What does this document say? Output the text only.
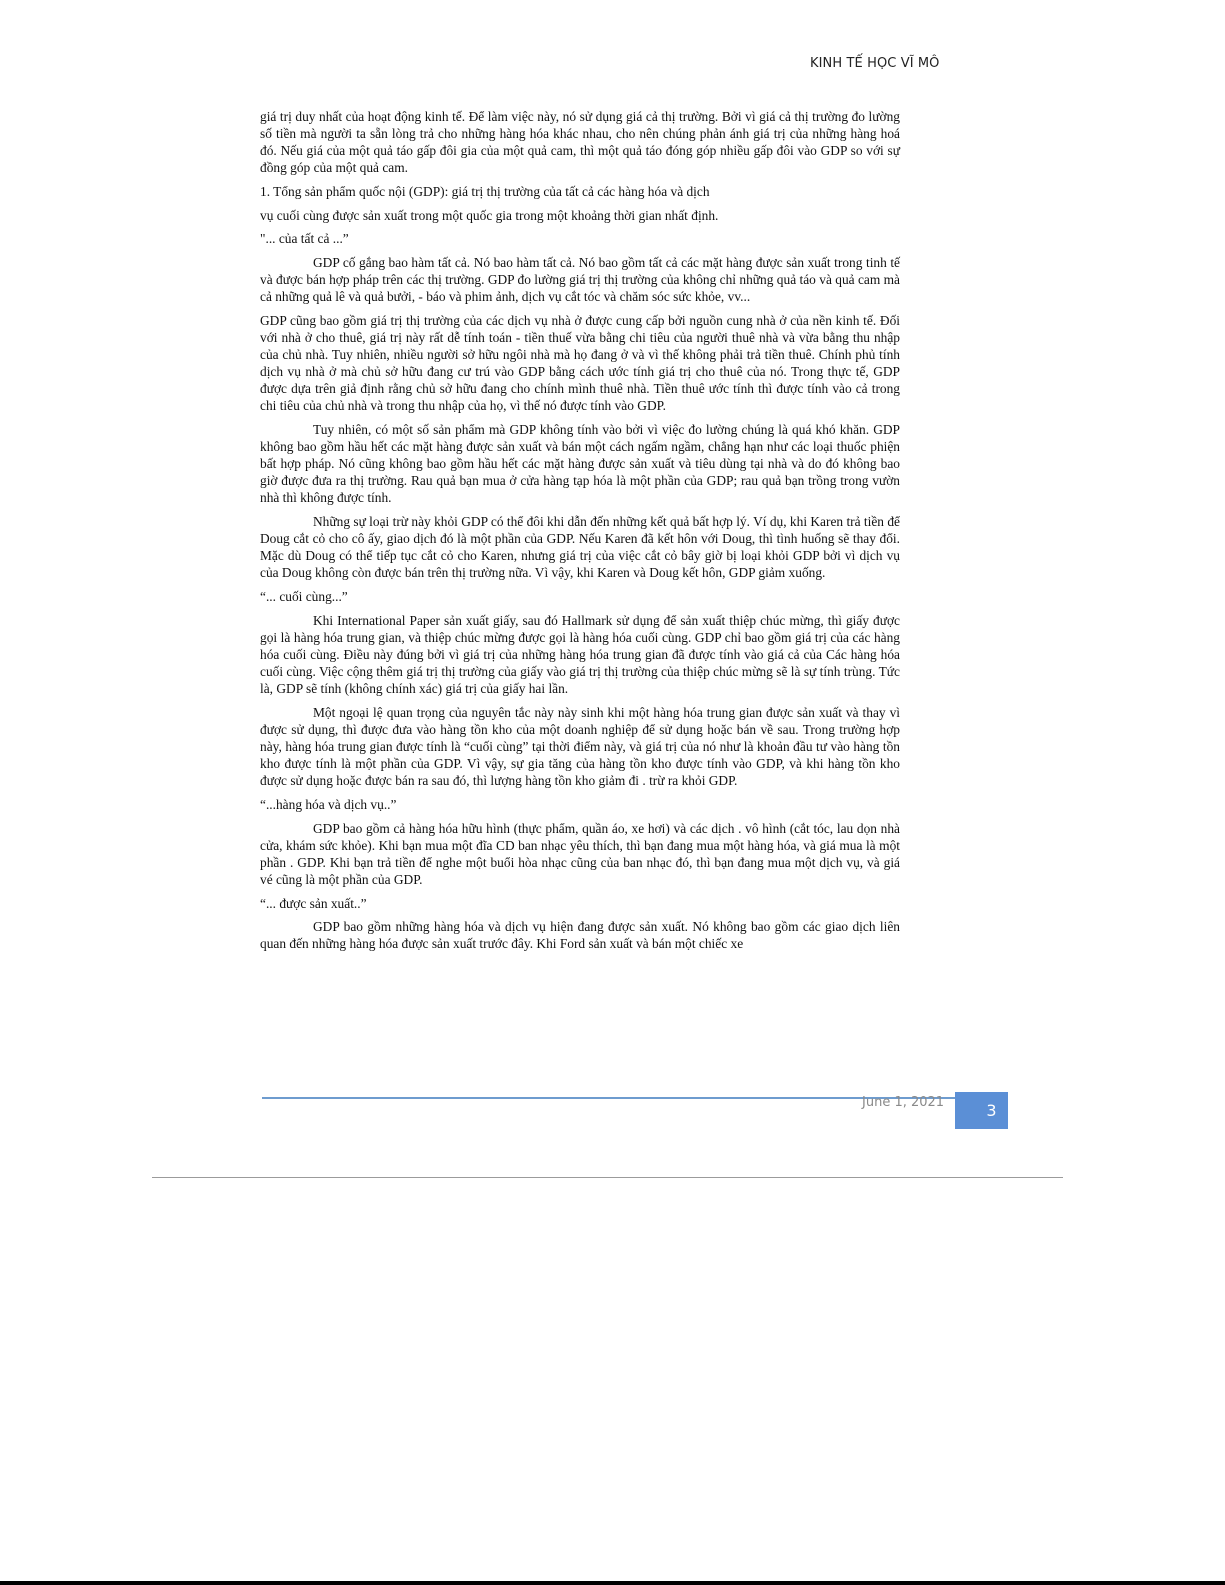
KINH TẾ HỌC VĨ MÔ

giá trị duy nhất của hoạt động kinh tế. Để làm việc này, nó sử dụng giá cả thị trường. Bởi vì giá cả thị trường đo lường số tiền mà người ta sẵn lòng trả cho những hàng hóa khác nhau, cho nên chúng phản ánh giá trị của những hàng hoá đó. Nếu giá của một quả táo gấp đôi gia của một quả cam, thì một quả táo đóng góp nhiều gấp đôi vào GDP so với sự đồng góp của một quả cam.

1. Tổng sản phẩm quốc nội (GDP): giá trị thị trường của tất cả các hàng hóa và dịch

vụ cuối cùng được sản xuất trong một quốc gia trong một khoảng thời gian nhất định.

"... của tất cả ...”

GDP cố gắng bao hàm tất cả. Nó bao hàm tất cả. Nó bao gồm tất cả các mặt hàng được sản xuất trong tinh tế và được bán hợp pháp trên các thị trường. GDP đo lường giá trị thị trường của không chỉ những quả táo và quả cam mà cả những quả lê và quả bưởi, - báo và phim ảnh, dịch vụ cắt tóc và chăm sóc sức khỏe, vv...

GDP cũng bao gồm giá trị thị trường của các dịch vụ nhà ở được cung cấp bởi nguồn cung nhà ở của nền kinh tế. Đối với nhà ở cho thuê, giá trị này rất dễ tính toán - tiền thuế vừa bằng chi tiêu của người thuê nhà và vừa bằng thu nhập của chủ nhà. Tuy nhiên, nhiều người sở hữu ngôi nhà mà họ đang ở và vì thế không phải trả tiền thuê. Chính phủ tính dịch vụ nhà ở mà chủ sở hữu đang cư trú vào GDP bằng cách ước tính giá trị cho thuê của nó. Trong thực tế, GDP được dựa trên giả định rằng chủ sở hữu đang cho chính mình thuê nhà. Tiền thuê ước tính thì được tính vào cả trong chi tiêu của chủ nhà và trong thu nhập của họ, vì thế nó được tính vào GDP.

Tuy nhiên, có một số sản phẩm mà GDP không tính vào bởi vì việc đo lường chúng là quá khó khăn. GDP không bao gồm hầu hết các mặt hàng được sản xuất và bán một cách ngấm ngầm, chẳng hạn như các loại thuốc phiện bất hợp pháp. Nó cũng không bao gồm hầu hết các mặt hàng được sản xuất và tiêu dùng tại nhà và do đó không bao giờ được đưa ra thị trường. Rau quả bạn mua ở cửa hàng tạp hóa là một phần của GDP; rau quả bạn trồng trong vườn nhà thì không được tính.

Những sự loại trừ này khỏi GDP có thể đôi khi dẫn đến những kết quả bất hợp lý. Ví dụ, khi Karen trả tiền để Doug cắt cỏ cho cô ấy, giao dịch đó là một phần của GDP. Nếu Karen đã kết hôn với Doug, thì tình huống sẽ thay đổi. Mặc dù Doug có thể tiếp tục cắt cỏ cho Karen, nhưng giá trị của việc cắt cỏ bây giờ bị loại khỏi GDP bởi vì dịch vụ của Doug không còn được bán trên thị trường nữa. Vì vậy, khi Karen và Doug kết hôn, GDP giảm xuống.

“... cuối cùng...”

Khi International Paper sản xuất giấy, sau đó Hallmark sử dụng để sản xuất thiệp chúc mừng, thì giấy được gọi là hàng hóa trung gian, và thiệp chúc mừng được gọi là hàng hóa cuối cùng. GDP chỉ bao gồm giá trị của các hàng hóa cuối cùng. Điều này đúng bởi vì giá trị của những hàng hóa trung gian đã được tính vào giá cả của Các hàng hóa cuối cùng. Việc cộng thêm giá trị thị trường của giấy vào giá trị thị trường của thiệp chúc mừng sẽ là sự tính trùng. Tức là, GDP sẽ tính (không chính xác) giá trị của giấy hai lần.

Một ngoại lệ quan trọng của nguyên tắc này này sinh khi một hàng hóa trung gian được sản xuất và thay vì được sử dụng, thì được đưa vào hàng tồn kho của một doanh nghiệp để sử dụng hoặc bán về sau. Trong trường hợp này, hàng hóa trung gian được tính là “cuối cùng” tại thời điểm này, và giá trị của nó như là khoản đầu tư vào hàng tồn kho được tính là một phần của GDP. Vì vậy, sự gia tăng của hàng tồn kho được tính vào GDP, và khi hàng tồn kho được sử dụng hoặc được bán ra sau đó, thì lượng hàng tồn kho giảm đi . trừ ra khỏi GDP.

“...hàng hóa và dịch vụ..”

GDP bao gồm cả hàng hóa hữu hình (thực phẩm, quần áo, xe hơi) và các dịch . vô hình (cắt tóc, lau dọn nhà cửa, khám sức khỏe). Khi bạn mua một đĩa CD ban nhạc yêu thích, thì bạn đang mua một hàng hóa, và giá mua là một phần . GDP. Khi bạn trả tiền để nghe một buổi hòa nhạc cũng của ban nhạc đó, thì bạn đang mua một dịch vụ, và giá vé cũng là một phần của GDP.

“... được sản xuất..”

GDP bao gồm những hàng hóa và dịch vụ hiện đang được sản xuất. Nó không bao gồm các giao dịch liên quan đến những hàng hóa được sản xuất trước đây. Khi Ford sản xuất và bán một chiếc xe

June 1, 2021	3
